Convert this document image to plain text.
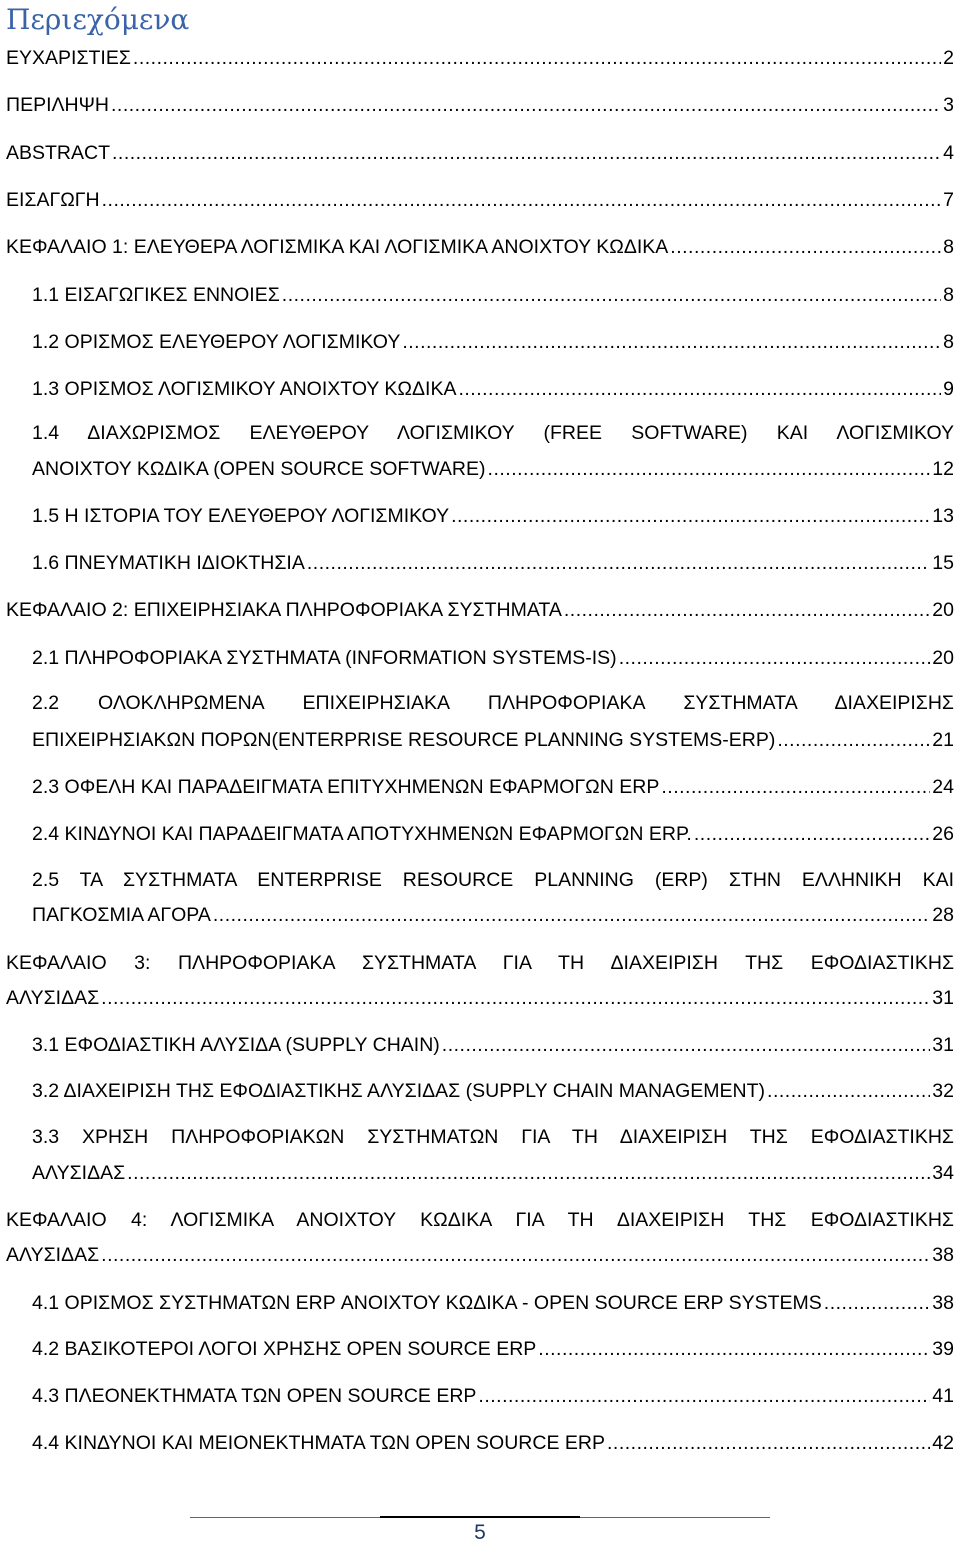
Περιεχόμενα
ΕΥΧΑΡΙΣΤΙΕΣ .....	2
ΠΕΡΙΛΗΨΗ .....	3
ABSTRACT .....	4
ΕΙΣΑΓΩΓΗ .....	7
ΚΕΦΑΛΑΙΟ 1: ΕΛΕΥΘΕΡΑ ΛΟΓΙΣΜΙΚΑ ΚΑΙ ΛΟΓΙΣΜΙΚΑ ΑΝΟΙΧΤΟΥ ΚΩΔΙΚΑ .....	8
1.1 ΕΙΣΑΓΩΓΙΚΕΣ ΕΝΝΟΙΕΣ .....	8
1.2 ΟΡΙΣΜΟΣ ΕΛΕΥΘΕΡΟΥ ΛΟΓΙΣΜΙΚΟΥ .....	8
1.3 ΟΡΙΣΜΟΣ ΛΟΓΙΣΜΙΚΟΥ ΑΝΟΙΧΤΟΥ ΚΩΔΙΚΑ .....	9
1.4 ΔΙΑΧΩΡΙΣΜΟΣ ΕΛΕΥΘΕΡΟΥ ΛΟΓΙΣΜΙΚΟΥ (FREE SOFTWARE) ΚΑΙ ΛΟΓΙΣΜΙΚΟΥ
ΑΝΟΙΧΤΟΥ ΚΩΔΙΚΑ (OPEN SOURCE SOFTWARE) .....	12
1.5 Η ΙΣΤΟΡΙΑ ΤΟΥ ΕΛΕΥΘΕΡΟΥ ΛΟΓΙΣΜΙΚΟΥ .....	13
1.6 ΠΝΕΥΜΑΤΙΚΗ ΙΔΙΟΚΤΗΣΙΑ .....	15
ΚΕΦΑΛΑΙΟ 2: ΕΠΙΧΕΙΡΗΣΙΑΚΑ ΠΛΗΡΟΦΟΡΙΑΚΑ ΣΥΣΤΗΜΑΤΑ .....	20
2.1 ΠΛΗΡΟΦΟΡΙΑΚΑ ΣΥΣΤΗΜΑΤΑ (INFORMATION SYSTEMS-IS) .....	20
2.2 ΟΛΟΚΛΗΡΩΜΕΝΑ ΕΠΙΧΕΙΡΗΣΙΑΚΑ ΠΛΗΡΟΦΟΡΙΑΚΑ ΣΥΣΤΗΜΑΤΑ ΔΙΑΧΕΙΡΙΣΗΣ
ΕΠΙΧΕΙΡΗΣΙΑΚΩΝ ΠΟΡΩΝ(ENTERPRISE RESOURCE PLANNING SYSTEMS-ERP) .....	21
2.3 ΟΦΕΛΗ ΚΑΙ ΠΑΡΑΔΕΙΓΜΑΤΑ ΕΠΙΤΥΧΗΜΕΝΩΝ ΕΦΑΡΜΟΓΩΝ ERP .....	24
2.4 ΚΙΝΔΥΝΟΙ ΚΑΙ ΠΑΡΑΔΕΙΓΜΑΤΑ ΑΠΟΤΥΧΗΜΕΝΩΝ ΕΦΑΡΜΟΓΩΝ ERP. .....	26
2.5 ΤΑ ΣΥΣΤΗΜΑΤΑ ENTERPRISE RESOURCE PLANNING (ERP) ΣΤΗΝ ΕΛΛΗΝΙΚΗ ΚΑΙ
ΠΑΓΚΟΣΜΙΑ ΑΓΟΡΑ .....	28
ΚΕΦΑΛΑΙΟ 3: ΠΛΗΡΟΦΟΡΙΑΚΑ ΣΥΣΤΗΜΑΤΑ ΓΙΑ ΤΗ ΔΙΑΧΕΙΡΙΣΗ ΤΗΣ ΕΦΟΔΙΑΣΤΙΚΗΣ
ΑΛΥΣΙΔΑΣ .....	31
3.1 ΕΦΟΔΙΑΣΤΙΚΗ ΑΛΥΣΙΔΑ (SUPPLY CHAIN) .....	31
3.2 ΔΙΑΧΕΙΡΙΣΗ ΤΗΣ ΕΦΟΔΙΑΣΤΙΚΗΣ ΑΛΥΣΙΔΑΣ (SUPPLY CHAIN MANAGEMENT) .....	32
3.3 ΧΡΗΣΗ ΠΛΗΡΟΦΟΡΙΑΚΩΝ ΣΥΣΤΗΜΑΤΩΝ ΓΙΑ ΤΗ ΔΙΑΧΕΙΡΙΣΗ ΤΗΣ ΕΦΟΔΙΑΣΤΙΚΗΣ
ΑΛΥΣΙΔΑΣ .....	34
ΚΕΦΑΛΑΙΟ 4: ΛΟΓΙΣΜΙΚΑ ΑΝΟΙΧΤΟΥ ΚΩΔΙΚΑ ΓΙΑ ΤΗ ΔΙΑΧΕΙΡΙΣΗ ΤΗΣ ΕΦΟΔΙΑΣΤΙΚΗΣ
ΑΛΥΣΙΔΑΣ .....	38
4.1 ΟΡΙΣΜΟΣ ΣΥΣΤΗΜΑΤΩΝ ERP ΑΝΟΙΧΤΟΥ ΚΩΔΙΚΑ - OPEN SOURCE ERP SYSTEMS .....	38
4.2 ΒΑΣΙΚΟΤΕΡΟΙ ΛΟΓΟΙ ΧΡΗΣΗΣ OPEN SOURCE ERP .....	39
4.3 ΠΛΕΟΝΕΚΤΗΜΑΤΑ ΤΩΝ OPEN SOURCE ERP .....	41
4.4 ΚΙΝΔΥΝΟΙ ΚΑΙ ΜΕΙΟΝΕΚΤΗΜΑΤΑ ΤΩΝ OPEN SOURCE ERP .....	42
5
